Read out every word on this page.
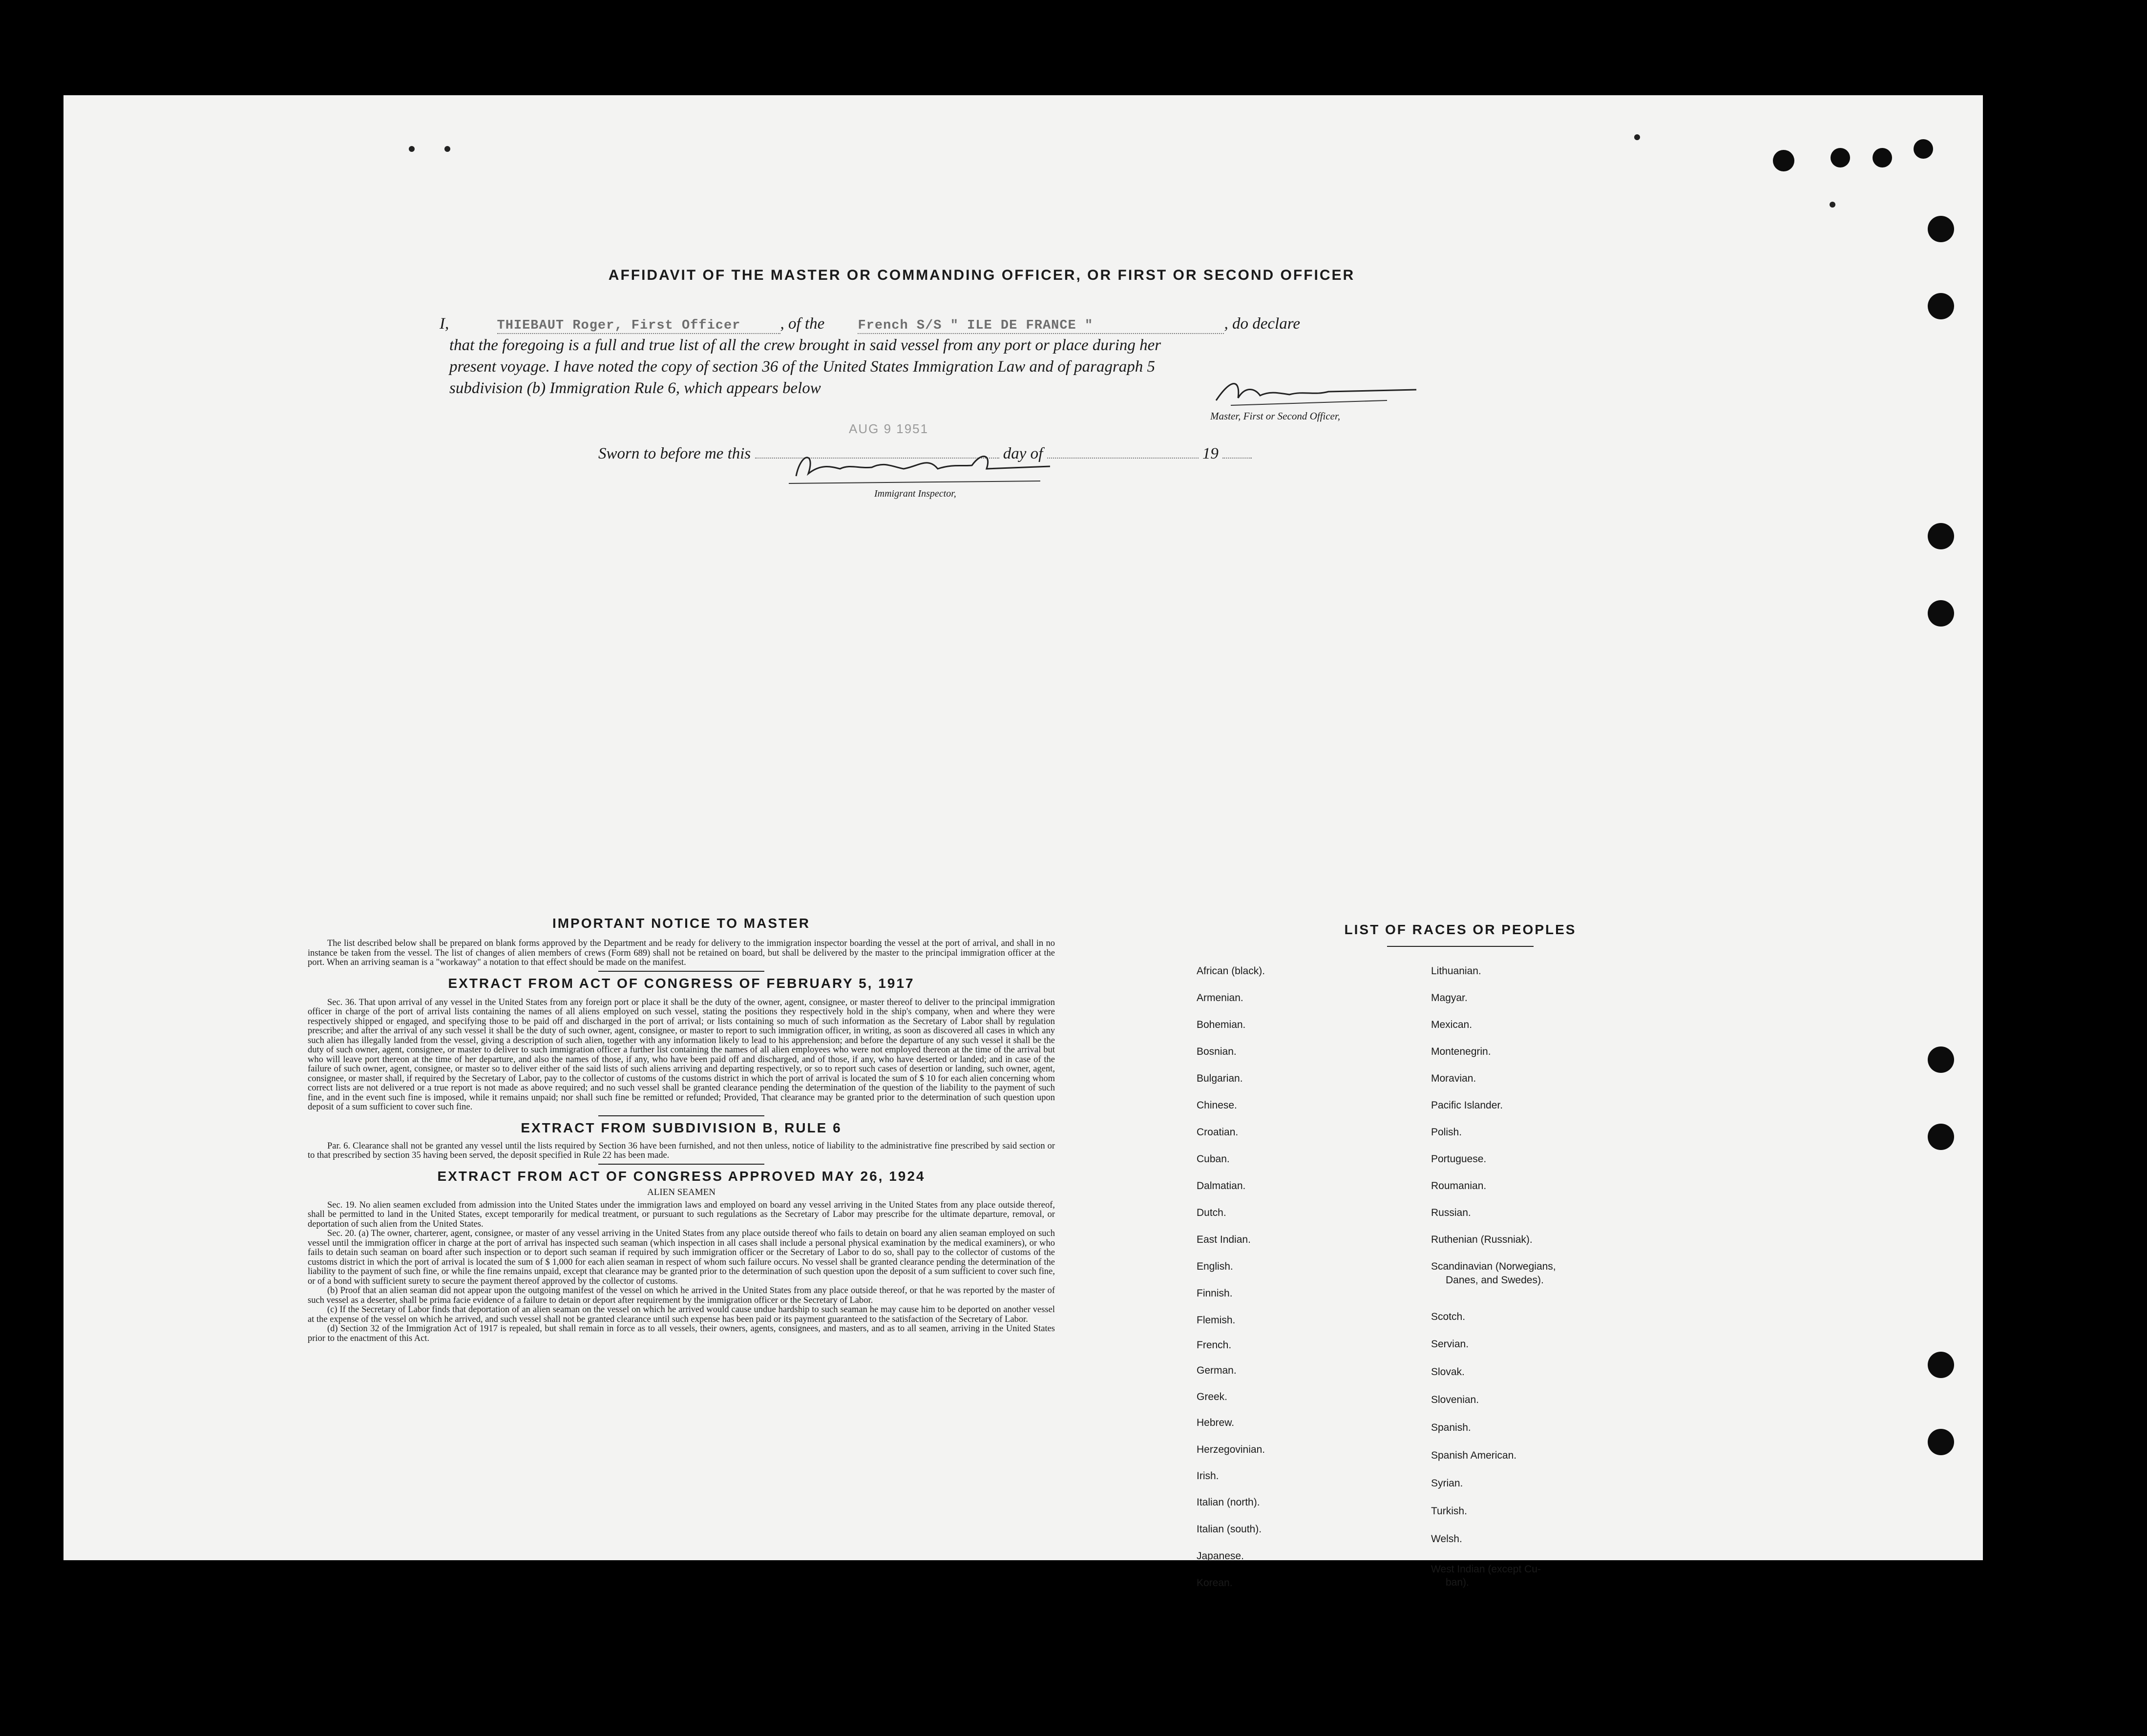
AFFIDAVIT OF THE MASTER OR COMMANDING OFFICER, OR FIRST OR SECOND OFFICER
I,	THIEBAUT Roger, First Officer , of the	French S/S " ILE DE FRANCE "	, do declare
that the foregoing is a full and true list of all the crew brought in said vessel from any port or place during her
present voyage. I have noted the copy of section 36 of the United States Immigration Law and of paragraph 5
subdivision (b) Immigration Rule 6, which appears below
Master, First or Second Officer,
AUG 9 1951
Sworn to before me this	day of	19
Immigrant Inspector,
IMPORTANT NOTICE TO MASTER

The list described below shall be prepared on blank forms approved by the Department and be ready for delivery to the immigration inspector boarding the vessel at the port of arrival, and shall in no instance be taken from the vessel. The list of changes of alien members of crews (Form 689) shall not be retained on board, but shall be delivered by the master to the principal immigration officer at the port. When an arriving seaman is a "workaway" a notation to that effect should be made on the manifest.

EXTRACT FROM ACT OF CONGRESS OF FEBRUARY 5, 1917

Sec. 36. That upon arrival of any vessel in the United States from any foreign port or place it shall be the duty of the owner, agent, consignee, or master thereof to deliver to the principal immigration officer in charge of the port of arrival lists containing the names of all aliens employed on such vessel, stating the positions they respectively hold in the ship's company, when and where they were respectively shipped or engaged, and specifying those to be paid off and discharged in the port of arrival; or lists containing so much of such information as the Secretary of Labor shall by regulation prescribe; and after the arrival of any such vessel it shall be the duty of such owner, agent, consignee, or master to report to such immigration officer, in writing, as soon as discovered all cases in which any such alien has illegally landed from the vessel, giving a description of such alien, together with any information likely to lead to his apprehension; and before the departure of any such vessel it shall be the duty of such owner, agent, consignee, or master to deliver to such immigration officer a further list containing the names of all alien employees who were not employed thereon at the time of the arrival but who will leave port thereon at the time of her departure, and also the names of those, if any, who have been paid off and discharged, and of those, if any, who have deserted or landed; and in case of the failure of such owner, agent, consignee, or master so to deliver either of the said lists of such aliens arriving and departing respectively, or so to report such cases of desertion or landing, such owner, agent, consignee, or master shall, if required by the Secretary of Labor, pay to the collector of customs of the customs district in which the port of arrival is located the sum of $ 10 for each alien concerning whom correct lists are not delivered or a true report is not made as above required; and no such vessel shall be granted clearance pending the determination of the question of the liability to the payment of such fine, and in the event such fine is imposed, while it remains unpaid; nor shall such fine be remitted or refunded; Provided, That clearance may be granted prior to the determination of such question upon deposit of a sum sufficient to cover such fine.

EXTRACT FROM SUBDIVISION B, RULE 6

Par. 6. Clearance shall not be granted any vessel until the lists required by Section 36 have been furnished, and not then unless, notice of liability to the administrative fine prescribed by said section or to that prescribed by section 35 having been served, the deposit specified in Rule 22 has been made.

EXTRACT FROM ACT OF CONGRESS APPROVED MAY 26, 1924
ALIEN SEAMEN

Sec. 19. No alien seamen excluded from admission into the United States under the immigration laws and employed on board any vessel arriving in the United States from any place outside thereof, shall be permitted to land in the United States, except temporarily for medical treatment, or pursuant to such regulations as the Secretary of Labor may prescribe for the ultimate departure, removal, or deportation of such alien from the United States.

Sec. 20. (a) The owner, charterer, agent, consignee, or master of any vessel arriving in the United States from any place outside thereof who fails to detain on board any alien seaman employed on such vessel until the immigration officer in charge at the port of arrival has inspected such seaman (which inspection in all cases shall include a personal physical examination by the medical examiners), or who fails to detain such seaman on board after such inspection or to deport such seaman if required by such immigration officer or the Secretary of Labor to do so, shall pay to the collector of customs of the customs district in which the port of arrival is located the sum of $ 1,000 for each alien seaman in respect of whom such failure occurs. No vessel shall be granted clearance pending the determination of the liability to the payment of such fine, or while the fine remains unpaid, except that clearance may be granted prior to the determination of such question upon the deposit of a sum sufficient to cover such fine, or of a bond with sufficient surety to secure the payment thereof approved by the collector of customs.

(b) Proof that an alien seaman did not appear upon the outgoing manifest of the vessel on which he arrived in the United States from any place outside thereof, or that he was reported by the master of such vessel as a deserter, shall be prima facie evidence of a failure to detain or deport after requirement by the immigration officer or the Secretary of Labor.

(c) If the Secretary of Labor finds that deportation of an alien seaman on the vessel on which he arrived would cause undue hardship to such seaman he may cause him to be deported on another vessel at the expense of the vessel on which he arrived, and such vessel shall not be granted clearance until such expense has been paid or its payment guaranteed to the satisfaction of the Secretary of Labor.

(d) Section 32 of the Immigration Act of 1917 is repealed, but shall remain in force as to all vessels, their owners, agents, consignees, and masters, and as to all seamen, arriving in the United States prior to the enactment of this Act.

LIST OF RACES OR PEOPLES
African (black).
Armenian.
Bohemian.
Bosnian.
Bulgarian.
Chinese.
Croatian.
Cuban.
Dalmatian.
Dutch.
East Indian.
English.
Finnish.
Flemish.
French.
German.
Greek.
Hebrew.
Herzegovinian.
Irish.
Italian (north).
Italian (south).
Japanese.
Korean.
Lithuanian.
Magyar.
Mexican.
Montenegrin.
Moravian.
Pacific Islander.
Polish.
Portuguese.
Roumanian.
Russian.
Ruthenian (Russniak).
Scandinavian (Norwegians,
Danes, and Swedes).
Scotch.
Servian.
Slovak.
Slovenian.
Spanish.
Spanish American.
Syrian.
Turkish.
Welsh.
West Indian (except Cu-
ban).
